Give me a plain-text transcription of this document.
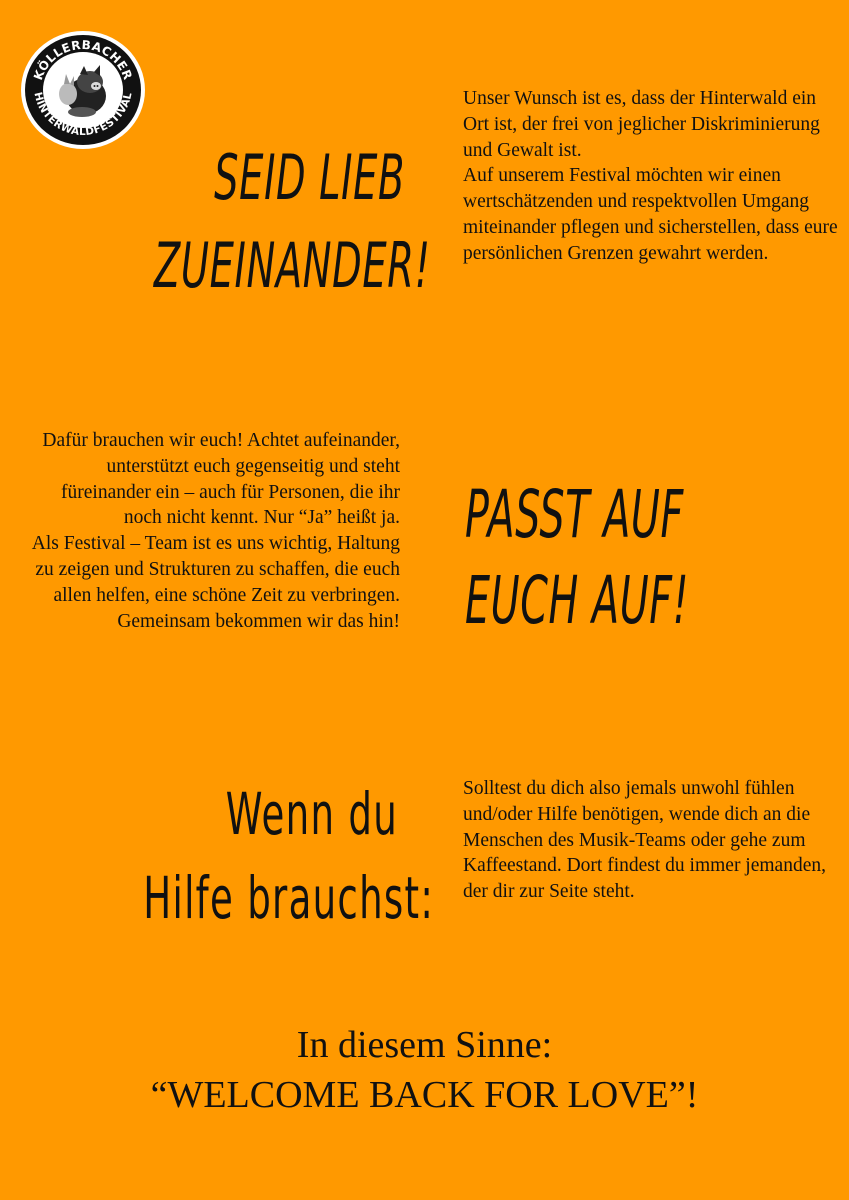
KÖLLERBACHER
HINTERWALDFESTIVAL
SEID LIEB
ZUEINANDER!

Unser Wunsch ist es, dass der Hinterwald ein Ort ist, der frei von jeglicher Diskriminierung und Gewalt ist.

Auf unserem Festival möchten wir einen wertschätzenden und respektvollen Umgang miteinander pflegen und sicherstellen, dass eure persönlichen Grenzen gewahrt werden.

Dafür brauchen wir euch! Achtet aufeinander, unterstützt euch gegenseitig und steht füreinander ein – auch für Personen, die ihr noch nicht kennt. Nur “Ja” heißt ja.

Als Festival – Team ist es uns wichtig, Haltung zu zeigen und Strukturen zu schaffen, die euch allen helfen, eine schöne Zeit zu verbringen. Gemeinsam bekommen wir das hin!

PASST AUF
EUCH AUF!
Wenn du
Hilfe brauchst:

Solltest du dich also jemals unwohl fühlen und/oder Hilfe benötigen, wende dich an die Menschen des Musik-Teams oder gehe zum Kaffeestand. Dort findest du immer jemanden, der dir zur Seite steht.

In diesem Sinne:
“WELCOME BACK FOR LOVE”!
